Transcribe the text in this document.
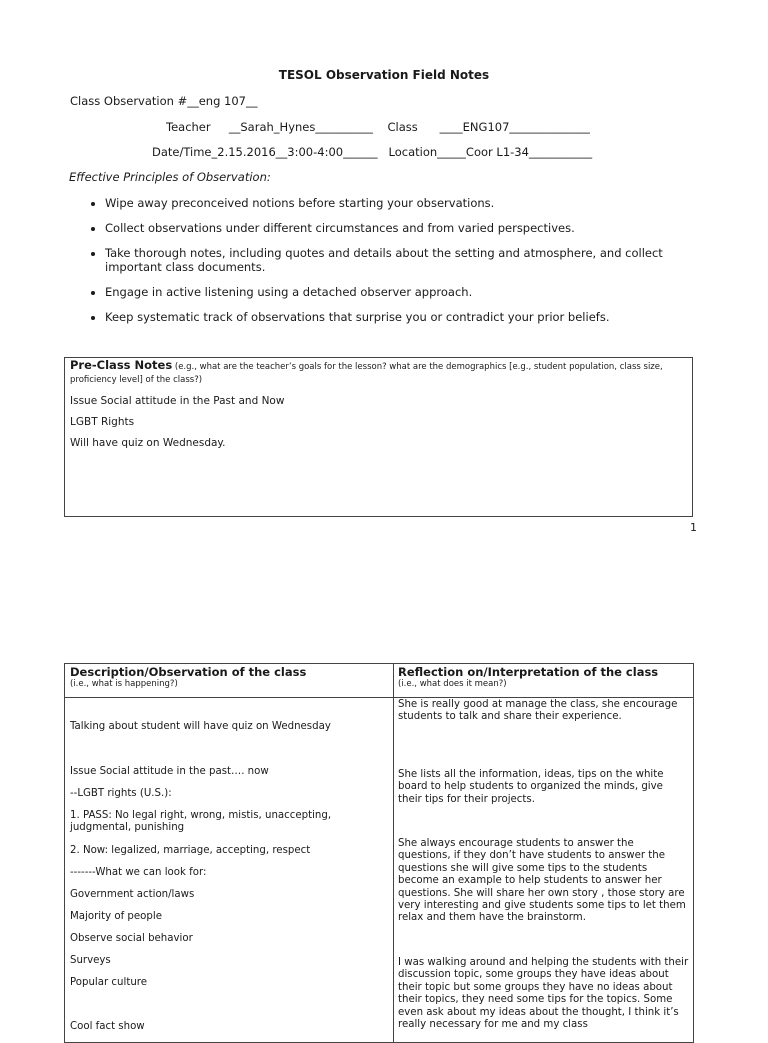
TESOL Observation Field Notes
Class Observation #__eng 107__
Teacher     __Sarah_Hynes__________    Class      ____ENG107______________
Date/Time_2.15.2016__3:00-4:00______   Location_____Coor L1-34___________
Effective Principles of Observation:
• Wipe away preconceived notions before starting your observations.
• Collect observations under different circumstances and from varied perspectives.
• Take thorough notes, including quotes and details about the setting and atmosphere, and collect important class documents.
• Engage in active listening using a detached observer approach.
• Keep systematic track of observations that surprise you or contradict your prior beliefs.
Pre-Class Notes (e.g., what are the teacher’s goals for the lesson? what are the demographics [e.g., student population, class size, proficiency level] of the class?)
Issue Social attitude in the Past and Now
LGBT Rights
Will have quiz on Wednesday.
1
Description/Observation of the class
(i.e., what is happening?)
Talking about student will have quiz on Wednesday
Issue Social attitude in the past…. now
--LGBT rights (U.S.):
1. PASS: No legal right, wrong, mistis, unaccepting, judgmental, punishing
2. Now: legalized, marriage, accepting, respect
-------What we can look for:
Government action/laws
Majority of people
Observe social behavior
Surveys
Popular culture
Cool fact show
Reflection on/Interpretation of the class
(i.e., what does it mean?)
She is really good at manage the class, she encourage students to talk and share their experience.
She lists all the information, ideas, tips on the white board to help students to organized the minds, give their tips for their projects.
She always encourage students to answer the questions, if they don’t have students to answer the questions she will give some tips to the students become an example to help students to answer her questions. She will share her own story , those story are very interesting and give students some tips to let them relax and them have the brainstorm.
I was walking around and helping the students with their discussion topic, some groups they have ideas about their topic but some groups they have no ideas about their topics, they need some tips for the topics. Some even ask about my ideas about the thought, I think it’s really necessary for me and my class
